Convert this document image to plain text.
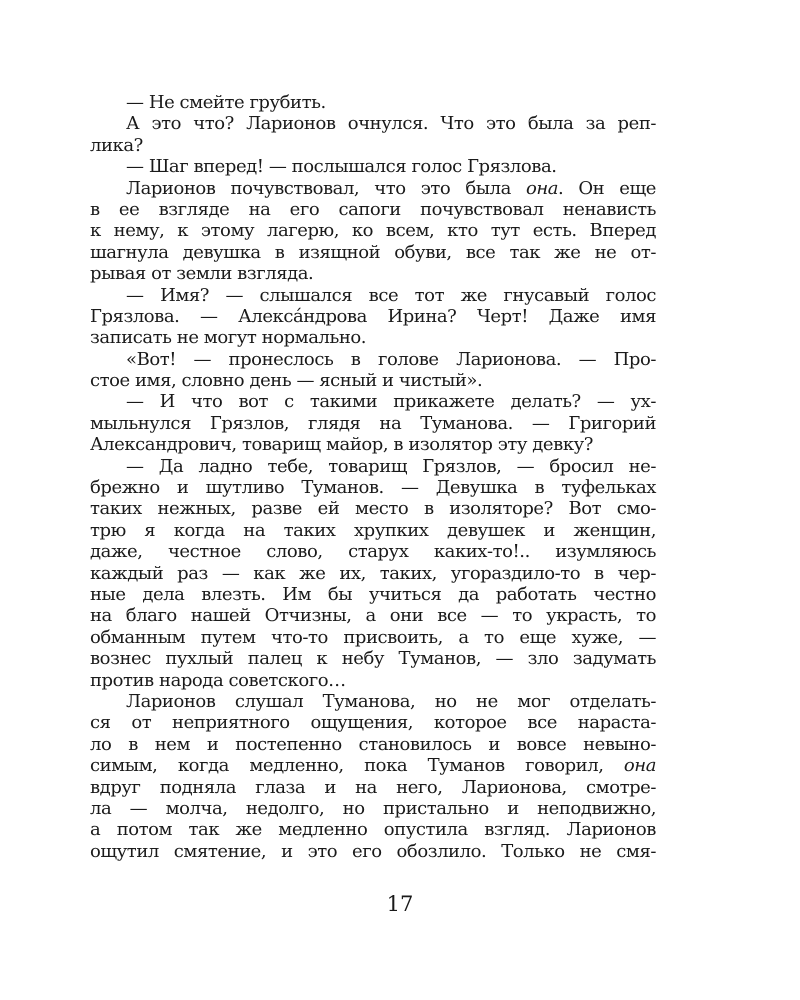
— Не смейте грубить.
А это что? Ларионов очнулся. Что это была за реп-
лика?
— Шаг вперед! — послышался голос Грязлова.
Ларионов почувствовал, что это была она. Он еще
в ее взгляде на его сапоги почувствовал ненависть
к нему, к этому лагерю, ко всем, кто тут есть. Вперед
шагнула девушка в изящной обуви, все так же не от-
рывая от земли взгляда.
— Имя? — слышался все тот же гнусавый голос
Грязлова. — Алекса́ндрова Ирина? Черт! Даже имя
записать не могут нормально.
«Вот! — пронеслось в голове Ларионова. — Про-
стое имя, словно день — ясный и чистый».
— И что вот с такими прикажете делать? — ух-
мыльнулся Грязлов, глядя на Туманова. — Григорий
Александрович, товарищ майор, в изолятор эту девку?
— Да ладно тебе, товарищ Грязлов, — бросил не-
брежно и шутливо Туманов. — Девушка в туфельках
таких нежных, разве ей место в изоляторе? Вот смо-
трю я когда на таких хрупких девушек и женщин,
даже, честное слово, старух каких-то!.. изумляюсь
каждый раз — как же их, таких, угораздило-то в чер-
ные дела влезть. Им бы учиться да работать честно
на благо нашей Отчизны, а они все — то украсть, то
обманным путем что-то присвоить, а то еще хуже, —
вознес пухлый палец к небу Туманов, — зло задумать
против народа советского…
Ларионов слушал Туманова, но не мог отделать-
ся от неприятного ощущения, которое все нараста-
ло в нем и постепенно становилось и вовсе невыно-
симым, когда медленно, пока Туманов говорил, она
вдруг подняла глаза и на него, Ларионова, смотре-
ла — молча, недолго, но пристально и неподвижно,
а потом так же медленно опустила взгляд. Ларионов
ощутил смятение, и это его обозлило. Только не смя-
17
